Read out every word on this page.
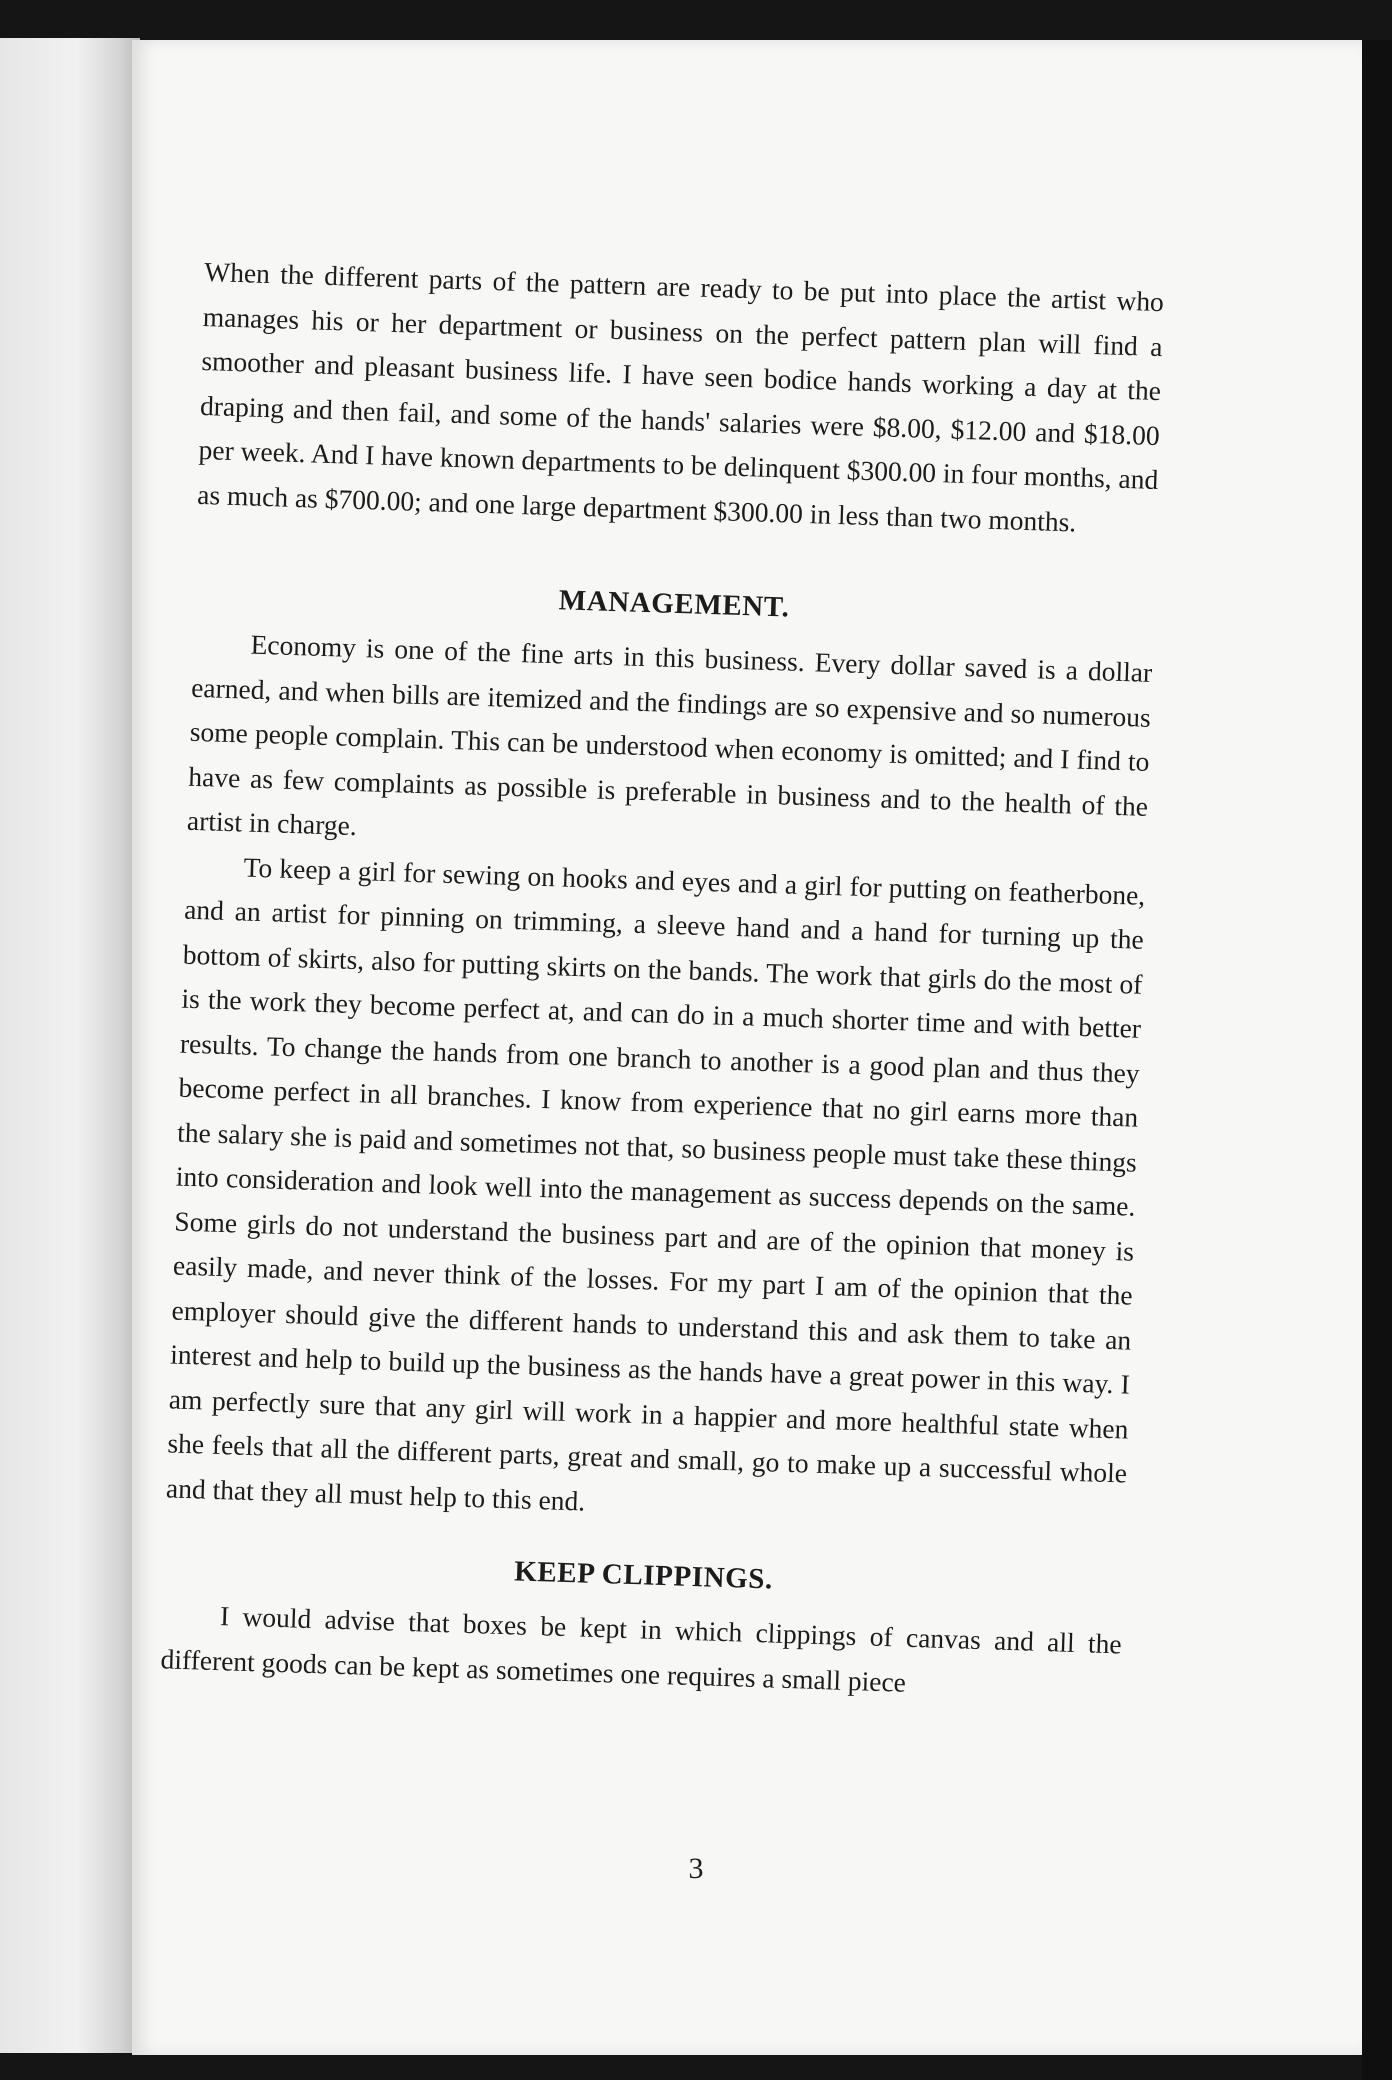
When the different parts of the pattern are ready to be put into place the artist who manages his or her department or business on the perfect pattern plan will find a smoother and pleasant business life. I have seen bodice hands working a day at the draping and then fail, and some of the hands' salaries were $8.00, $12.00 and $18.00 per week. And I have known departments to be delinquent $300.00 in four months, and as much as $700.00; and one large department $300.00 in less than two months.

MANAGEMENT.

Economy is one of the fine arts in this business. Every dollar saved is a dollar earned, and when bills are itemized and the findings are so expensive and so numerous some people complain. This can be understood when economy is omitted; and I find to have as few complaints as possible is preferable in business and to the health of the artist in charge.

To keep a girl for sewing on hooks and eyes and a girl for putting on featherbone, and an artist for pinning on trimming, a sleeve hand and a hand for turning up the bottom of skirts, also for putting skirts on the bands. The work that girls do the most of is the work they become perfect at, and can do in a much shorter time and with better results. To change the hands from one branch to another is a good plan and thus they become perfect in all branches. I know from experience that no girl earns more than the salary she is paid and sometimes not that, so business people must take these things into consideration and look well into the management as success depends on the same. Some girls do not understand the business part and are of the opinion that money is easily made, and never think of the losses. For my part I am of the opinion that the employer should give the different hands to understand this and ask them to take an interest and help to build up the business as the hands have a great power in this way. I am perfectly sure that any girl will work in a happier and more healthful state when she feels that all the different parts, great and small, go to make up a successful whole and that they all must help to this end.

KEEP CLIPPINGS.

I would advise that boxes be kept in which clippings of canvas and all the different goods can be kept as sometimes one requires a small piece

3
